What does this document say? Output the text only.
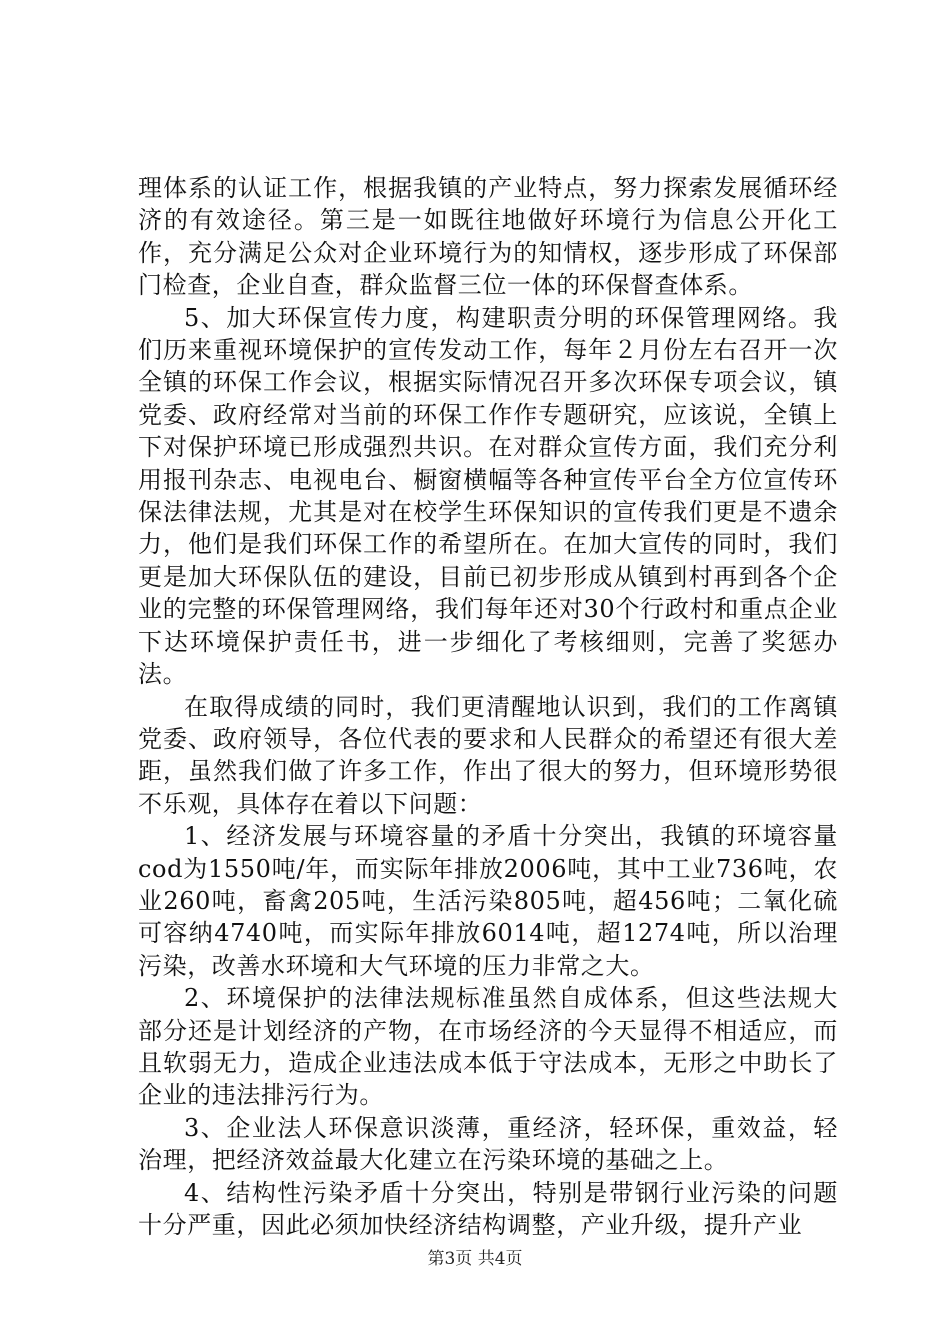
理体系的认证工作，根据我镇的产业特点，努力探索发展循环经济的有效途径。第三是一如既往地做好环境行为信息公开化工作，充分满足公众对企业环境行为的知情权，逐步形成了环保部门检查，企业自查，群众监督三位一体的环保督查体系。

5、加大环保宣传力度，构建职责分明的环保管理网络。我们历来重视环境保护的宣传发动工作，每年２月份左右召开一次全镇的环保工作会议，根据实际情况召开多次环保专项会议，镇党委、政府经常对当前的环保工作作专题研究，应该说，全镇上下对保护环境已形成强烈共识。在对群众宣传方面，我们充分利用报刊杂志、电视电台、橱窗横幅等各种宣传平台全方位宣传环保法律法规，尤其是对在校学生环保知识的宣传我们更是不遗余力，他们是我们环保工作的希望所在。在加大宣传的同时，我们更是加大环保队伍的建设，目前已初步形成从镇到村再到各个企业的完整的环保管理网络，我们每年还对30个行政村和重点企业下达环境保护责任书，进一步细化了考核细则，完善了奖惩办法。

在取得成绩的同时，我们更清醒地认识到，我们的工作离镇党委、政府领导，各位代表的要求和人民群众的希望还有很大差距，虽然我们做了许多工作，作出了很大的努力，但环境形势很不乐观，具体存在着以下问题：

1、经济发展与环境容量的矛盾十分突出，我镇的环境容量cod为1550吨/年，而实际年排放2006吨，其中工业736吨，农业260吨，畜禽205吨，生活污染805吨，超456吨；二氧化硫可容纳4740吨，而实际年排放6014吨，超1274吨，所以治理污染，改善水环境和大气环境的压力非常之大。

2、环境保护的法律法规标准虽然自成体系，但这些法规大部分还是计划经济的产物，在市场经济的今天显得不相适应，而且软弱无力，造成企业违法成本低于守法成本，无形之中助长了企业的违法排污行为。

3、企业法人环保意识淡薄，重经济，轻环保，重效益，轻治理，把经济效益最大化建立在污染环境的基础之上。

4、结构性污染矛盾十分突出，特别是带钢行业污染的问题十分严重，因此必须加快经济结构调整，产业升级，提升产业

第3页 共4页
